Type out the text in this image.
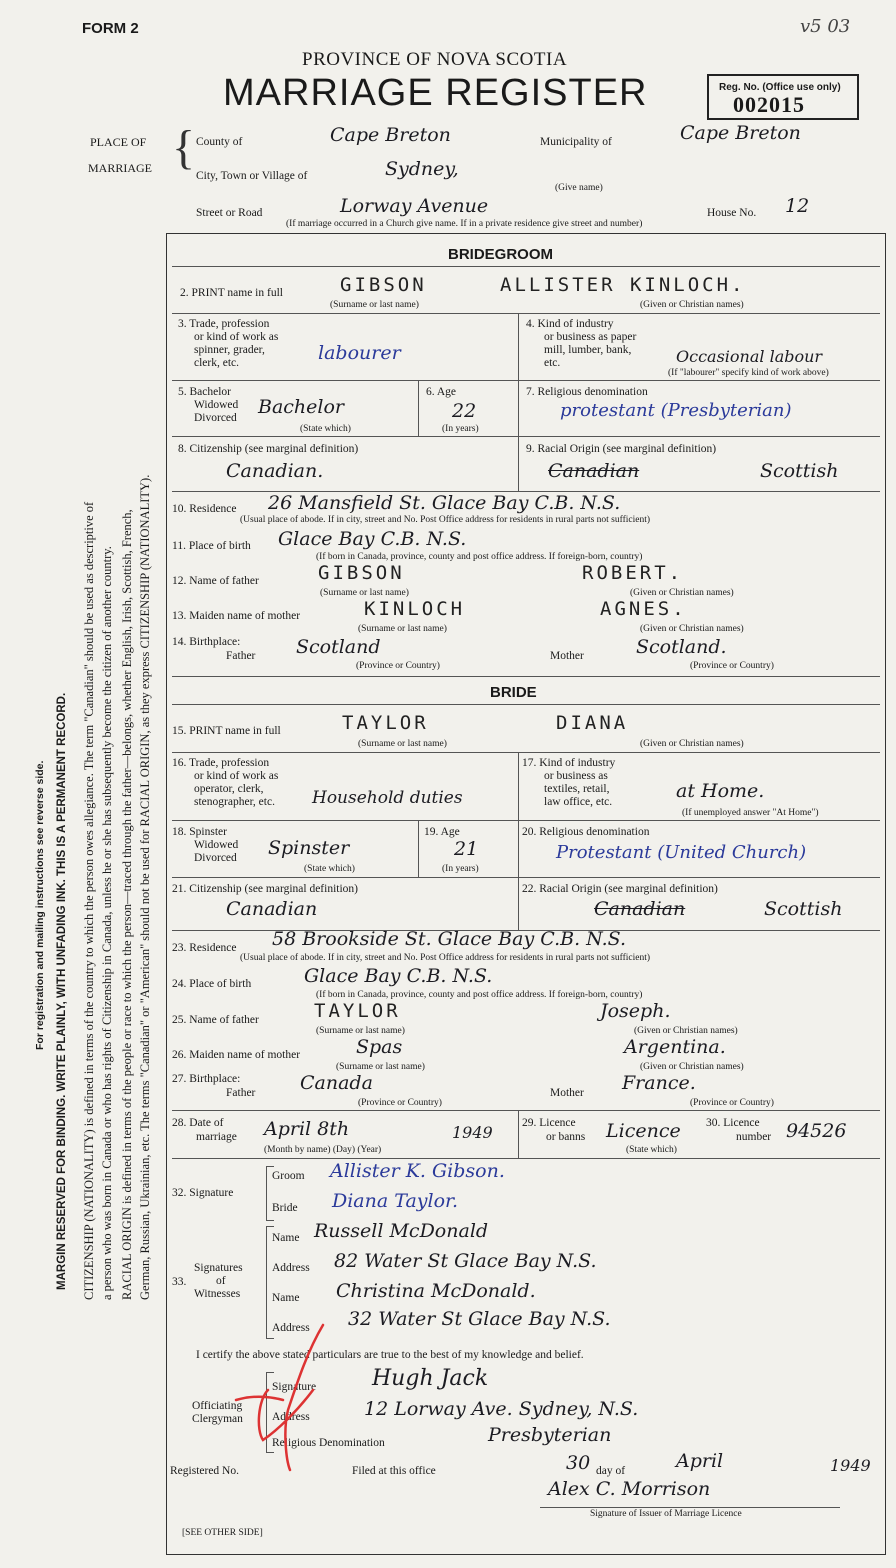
FORM 2	v5 03
PROVINCE OF NOVA SCOTIA
MARRIAGE REGISTER	Reg. No. (Office use only)
002015
For registration and mailing instructions see reverse side. MARGIN RESERVED FOR BINDING. WRITE PLAINLY, WITH UNFADING INK. THIS IS A PERMANENT RECORD. CITIZENSHIP (NATIONALITY) is defined in terms of the country to which the person owes allegiance. The term "Canadian" should be used as descriptive of a person who was born in Canada or who has rights of Citizenship in Canada, unless he or she has subsequently become the citizen of another country. RACIAL ORIGIN is defined in terms of the people or race to which the person—traced through the father—belongs, whether English, Irish, Scottish, French, German, Russian, Ukrainian, etc. The terms "Canadian" or "American" should not be used for RACIAL ORIGIN, as they express CITIZENSHIP (NATIONALITY).
PLACE OF
MARRIAGE { County of	Cape Breton	Municipality of	Cape Breton
City, Town or Village of	Sydney,
(Give name)
Street or Road	Lorway Avenue	House No. 12
(If marriage occurred in a Church give name. If in a private residence give street and number)
BRIDEGROOM
2. PRINT name in full	GIBSON	ALLISTER KINLOCH.
(Surname or last name)	(Given or Christian names)
3. Trade, profession
or kind of work as
spinner, grader,
clerk, etc.	labourer
4. Kind of industry
or business as paper
mill, lumber, bank,
etc.	Occasional labour
(If "labourer" specify kind of work above)
5. Bachelor
Widowed
Divorced Bachelor
(State which)
6. Age
22
(In years)
7. Religious denomination
protestant (Presbyterian)
8. Citizenship (see marginal definition)
Canadian.
9. Racial Origin (see marginal definition)
Canadian	Scottish
10. Residence 26 Mansfield St. Glace Bay C.B. N.S.
(Usual place of abode. If in city, street and No. Post Office address for residents in rural parts not sufficient)
11. Place of birth Glace Bay C.B. N.S.
(If born in Canada, province, county and post office address. If foreign-born, country)
12. Name of father	GIBSON	ROBERT.
(Surname or last name)	(Given or Christian names)
13. Maiden name of mother	KINLOCH	AGNES.
(Surname or last name)	(Given or Christian names)
14. Birthplace:
Father Scotland	Mother	Scotland.
(Province or Country)	(Province or Country)
BRIDE
15. PRINT name in full	TAYLOR	DIANA
(Surname or last name)	(Given or Christian names)
16. Trade, profession
or kind of work as
operator, clerk,
stenographer, etc. Household duties
17. Kind of industry
or business as
textiles, retail,
law office, etc.	at Home.
(If unemployed answer "At Home")
18. Spinster
Widowed
Divorced Spinster
(State which)
19. Age
21
(In years)
20. Religious denomination
Protestant (United Church)
21. Citizenship (see marginal definition)
Canadian
22. Racial Origin (see marginal definition)
Canadian	Scottish
23. Residence 58 Brookside St. Glace Bay C.B. N.S.
(Usual place of abode. If in city, street and No. Post Office address for residents in rural parts not sufficient)
24. Place of birth	Glace Bay C.B. N.S.
(If born in Canada, province, county and post office address. If foreign-born, country)
25. Name of father	TAYLOR	Joseph.
(Surname or last name)	(Given or Christian names)
26. Maiden name of mother	Spas	Argentina.
(Surname or last name)	(Given or Christian names)
27. Birthplace:
Father Canada	Mother France.
(Province or Country)	(Province or Country)
28. Date of
marriage April 8th	1949
(Month by name) (Day) (Year)
29. Licence
or banns Licence
(State which)
30. Licence
number 94526
32. Signature
Groom Allister K. Gibson.
Bride Diana Taylor.
Signatures
of
Witnesses
33.
Name Russell McDonald
Address 82 Water St Glace Bay N.S.
Name Christina McDonald.
Address 32 Water St Glace Bay N.S.
I certify the above stated particulars are true to the best of my knowledge and belief.
Officiating
Clergyman
Signature	Hugh Jack
Address	12 Lorway Ave. Sydney, N.S.
Religious Denomination	Presbyterian
Registered No.	Filed at this office	30 day of	April	1949
Alex C. Morrison
Signature of Issuer of Marriage Licence
[SEE OTHER SIDE]
